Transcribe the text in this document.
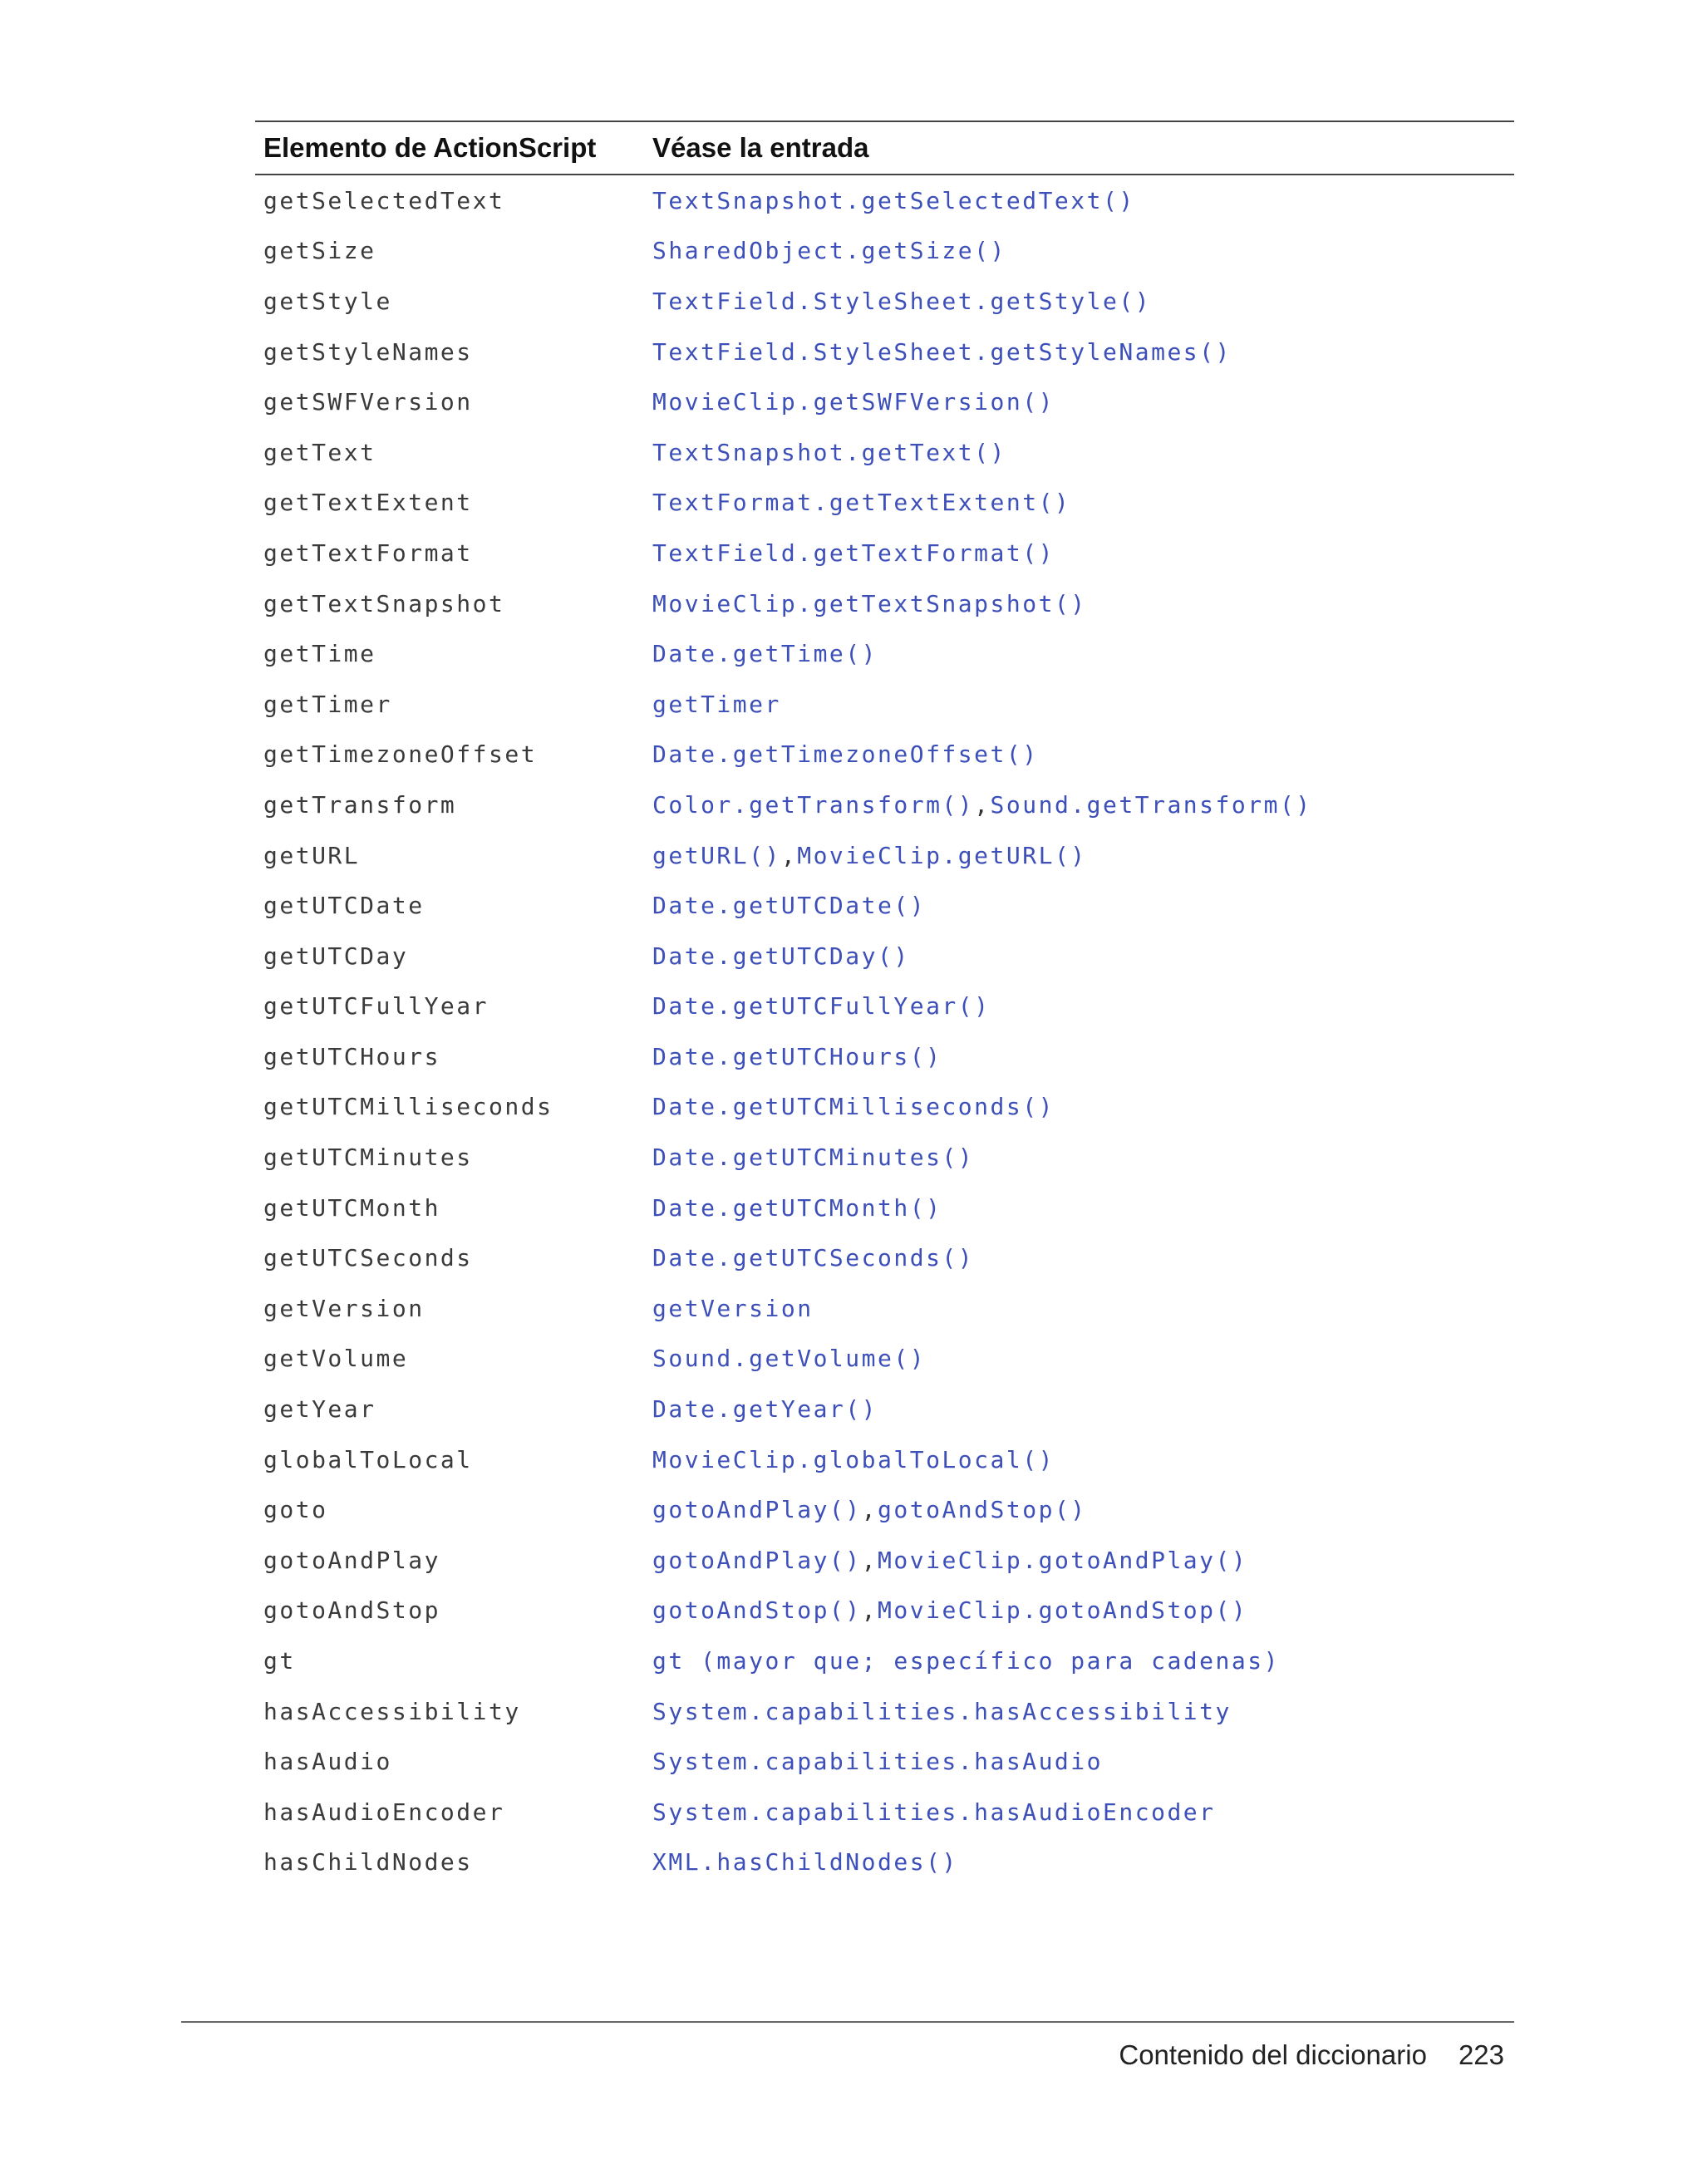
Elemento de ActionScript	Véase la entrada
getSelectedText	TextSnapshot.getSelectedText()
getSize	SharedObject.getSize()
getStyle	TextField.StyleSheet.getStyle()
getStyleNames	TextField.StyleSheet.getStyleNames()
getSWFVersion	MovieClip.getSWFVersion()
getText	TextSnapshot.getText()
getTextExtent	TextFormat.getTextExtent()
getTextFormat	TextField.getTextFormat()
getTextSnapshot	MovieClip.getTextSnapshot()
getTime	Date.getTime()
getTimer	getTimer
getTimezoneOffset	Date.getTimezoneOffset()
getTransform	Color.getTransform(),Sound.getTransform()
getURL	getURL(),MovieClip.getURL()
getUTCDate	Date.getUTCDate()
getUTCDay	Date.getUTCDay()
getUTCFullYear	Date.getUTCFullYear()
getUTCHours	Date.getUTCHours()
getUTCMilliseconds	Date.getUTCMilliseconds()
getUTCMinutes	Date.getUTCMinutes()
getUTCMonth	Date.getUTCMonth()
getUTCSeconds	Date.getUTCSeconds()
getVersion	getVersion
getVolume	Sound.getVolume()
getYear	Date.getYear()
globalToLocal	MovieClip.globalToLocal()
goto	gotoAndPlay(),gotoAndStop()
gotoAndPlay	gotoAndPlay(),MovieClip.gotoAndPlay()
gotoAndStop	gotoAndStop(),MovieClip.gotoAndStop()
gt	gt (mayor que; específico para cadenas)
hasAccessibility	System.capabilities.hasAccessibility
hasAudio	System.capabilities.hasAudio
hasAudioEncoder	System.capabilities.hasAudioEncoder
hasChildNodes	XML.hasChildNodes()
Contenido del diccionario 223
